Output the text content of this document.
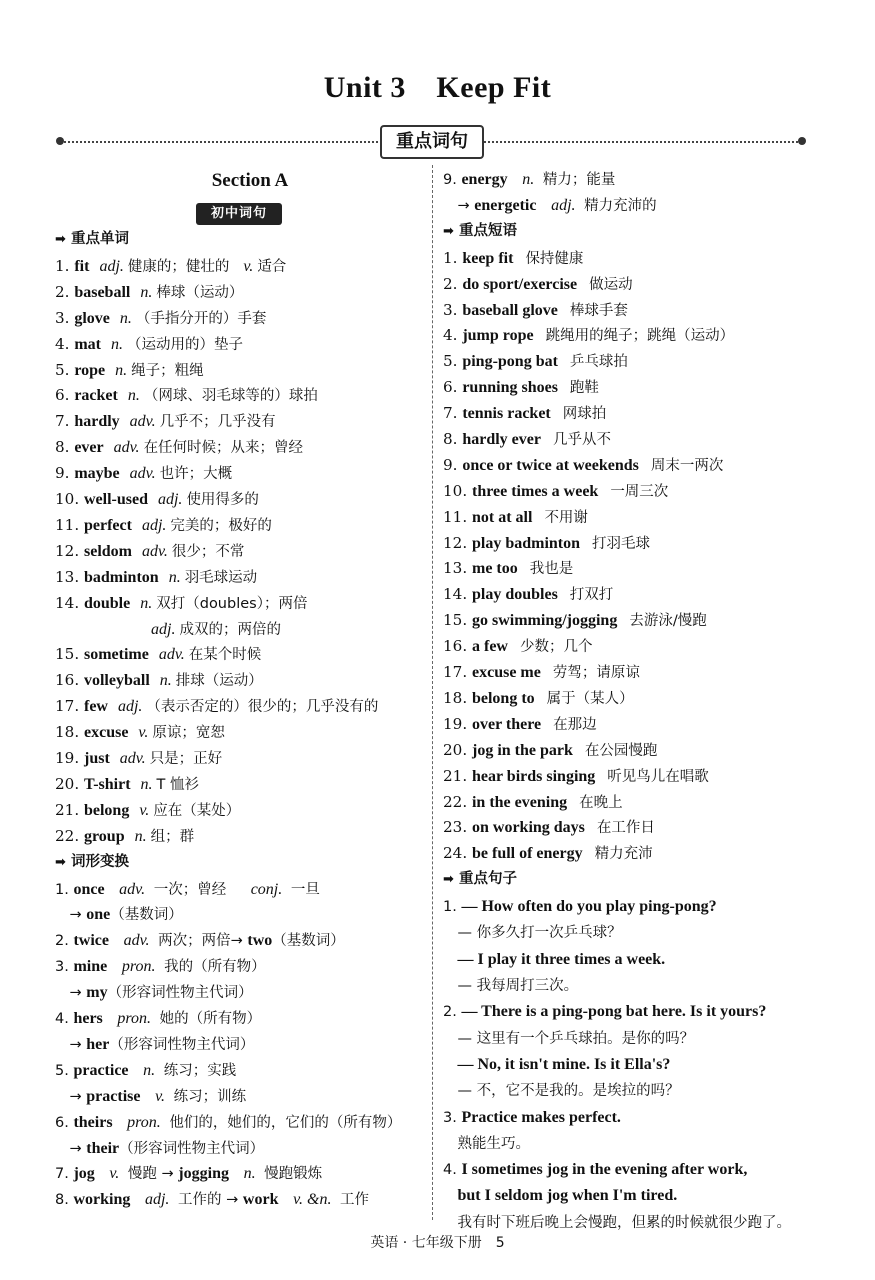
Unit 3　Keep Fit
重点词句
Section A
初中词句
➡ 重点单词
1. fit adj. 健康的；健壮的 v. 适合
2. baseball n. 棒球（运动）
3. glove n. （手指分开的）手套
4. mat n. （运动用的）垫子
5. rope n. 绳子；粗绳
6. racket n. （网球、羽毛球等的）球拍
7. hardly adv. 几乎不；几乎没有
8. ever adv. 在任何时候；从来；曾经
9. maybe adv. 也许；大概
10. well-used adj. 使用得多的
11. perfect adj. 完美的；极好的
12. seldom adv. 很少；不常
13. badminton n. 羽毛球运动
14. double n. 双打（doubles）；两倍
adj. 成双的；两倍的
15. sometime adv. 在某个时候
16. volleyball n. 排球（运动）
17. few adj. （表示否定的）很少的；几乎没有的
18. excuse v. 原谅；宽恕
19. just adv. 只是；正好
20. T-shirt n. T 恤衫
21. belong v. 应在（某处）
22. group n. 组；群
➡ 词形变换
1. once adv. 一次；曾经　conj. 一旦
　→ one（基数词）
2. twice adv. 两次；两倍→ two（基数词）
3. mine pron. 我的（所有物）
　→ my（形容词性物主代词）
4. hers pron. 她的（所有物）
　→ her（形容词性物主代词）
5. practice n. 练习；实践
　→ practise v. 练习；训练
6. theirs pron. 他们的，她们的，它们的（所有物）
　→ their（形容词性物主代词）
7. jog v. 慢跑 → jogging n. 慢跑锻炼
8. working adj. 工作的 → work v. &n. 工作
9. energy n. 精力；能量
　→ energetic adj. 精力充沛的
➡ 重点短语
1. keep fit 保持健康
2. do sport/exercise 做运动
3. baseball glove 棒球手套
4. jump rope 跳绳用的绳子；跳绳（运动）
5. ping-pong bat 乒乓球拍
6. running shoes 跑鞋
7. tennis racket 网球拍
8. hardly ever 几乎从不
9. once or twice at weekends 周末一两次
10. three times a week 一周三次
11. not at all 不用谢
12. play badminton 打羽毛球
13. me too 我也是
14. play doubles 打双打
15. go swimming/jogging 去游泳/慢跑
16. a few 少数；几个
17. excuse me 劳驾；请原谅
18. belong to 属于（某人）
19. over there 在那边
20. jog in the park 在公园慢跑
21. hear birds singing 听见鸟儿在唱歌
22. in the evening 在晚上
23. on working days 在工作日
24. be full of energy 精力充沛
➡ 重点句子
1. — How often do you play ping-pong?
　— 你多久打一次乒乓球？
　— I play it three times a week.
　— 我每周打三次。
2. — There is a ping-pong bat here. Is it yours?
　— 这里有一个乒乓球拍。是你的吗？
　— No, it isn't mine. Is it Ella's?
　— 不，它不是我的。是埃拉的吗？
3. Practice makes perfect.
　熟能生巧。
4. I sometimes jog in the evening after work,
　but I seldom jog when I'm tired.
　我有时下班后晚上会慢跑，但累的时候就很少跑了。
英语 · 七年级下册　5
